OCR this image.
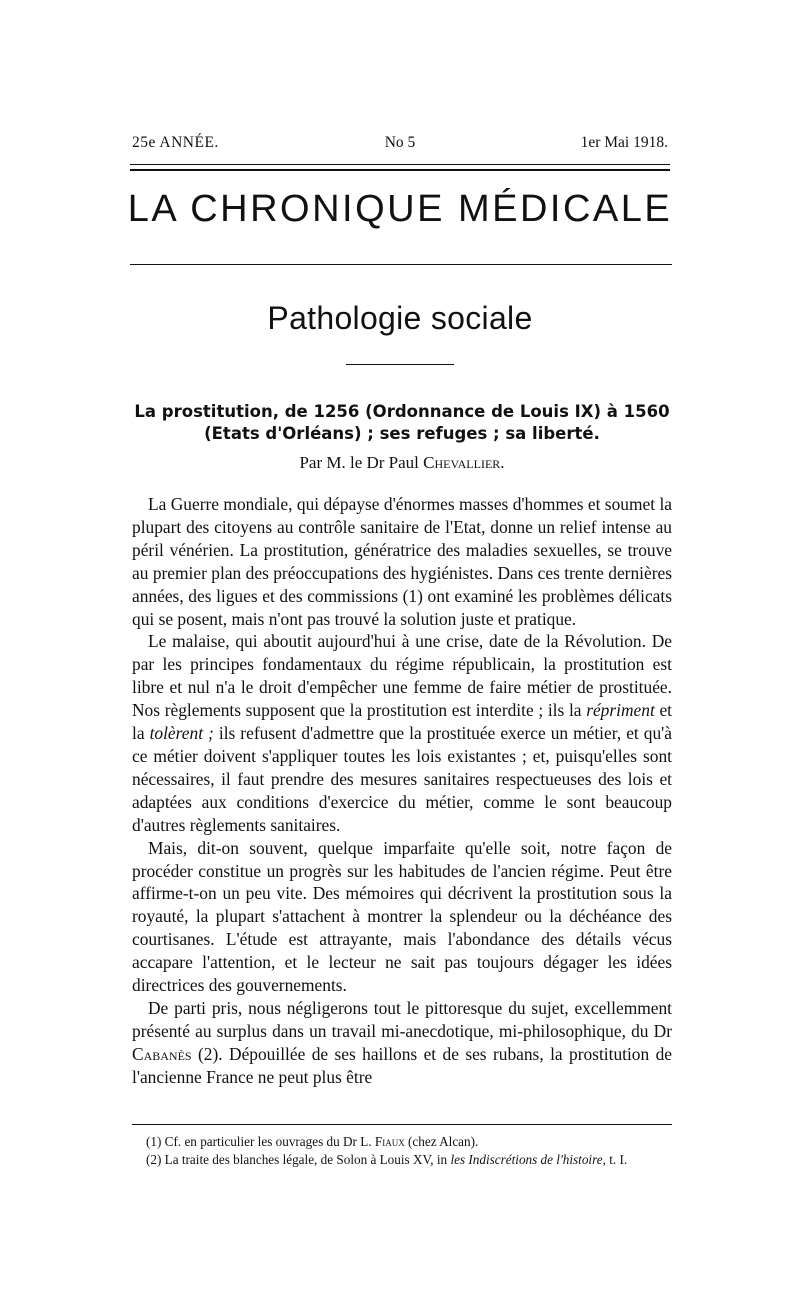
25e ANNÉE.	No 5	1er Mai 1918.
LA CHRONIQUE MÉDICALE
Pathologie sociale
La prostitution, de 1256 (Ordonnance de Louis IX) à 1560
(Etats d'Orléans) ; ses refuges ; sa liberté.
Par M. le Dr Paul Chevallier.

La Guerre mondiale, qui dépayse d'énormes masses d'hommes et soumet la plupart des citoyens au contrôle sanitaire de l'Etat, donne un relief intense au péril vénérien. La prostitution, génératrice des maladies sexuelles, se trouve au premier plan des préoccupations des hygiénistes. Dans ces trente dernières années, des ligues et des commissions (1) ont examiné les problèmes délicats qui se posent, mais n'ont pas trouvé la solution juste et pratique.

Le malaise, qui aboutit aujourd'hui à une crise, date de la Révolution. De par les principes fondamentaux du régime républicain, la prostitution est libre et nul n'a le droit d'empêcher une femme de faire métier de prostituée. Nos règlements supposent que la prostitution est interdite ; ils la répriment et la tolèrent ; ils refusent d'admettre que la prostituée exerce un métier, et qu'à ce métier doivent s'appliquer toutes les lois existantes ; et, puisqu'elles sont nécessaires, il faut prendre des mesures sanitaires respectueuses des lois et adaptées aux conditions d'exercice du métier, comme le sont beaucoup d'autres règlements sanitaires.

Mais, dit-on souvent, quelque imparfaite qu'elle soit, notre façon de procéder constitue un progrès sur les habitudes de l'ancien régime. Peut être affirme-t-on un peu vite. Des mémoires qui décrivent la prostitution sous la royauté, la plupart s'attachent à montrer la splendeur ou la déchéance des courtisanes. L'étude est attrayante, mais l'abondance des détails vécus accapare l'attention, et le lecteur ne sait pas toujours dégager les idées directrices des gouvernements.

De parti pris, nous négligerons tout le pittoresque du sujet, excellemment présenté au surplus dans un travail mi-anecdotique, mi-philosophique, du Dr Cabanès (2). Dépouillée de ses haillons et de ses rubans, la prostitution de l'ancienne France ne peut plus être

(1) Cf. en particulier les ouvrages du Dr L. Fiaux (chez Alcan).

(2) La traite des blanches légale, de Solon à Louis XV, in les Indiscrétions de l'histoire, t. I.
